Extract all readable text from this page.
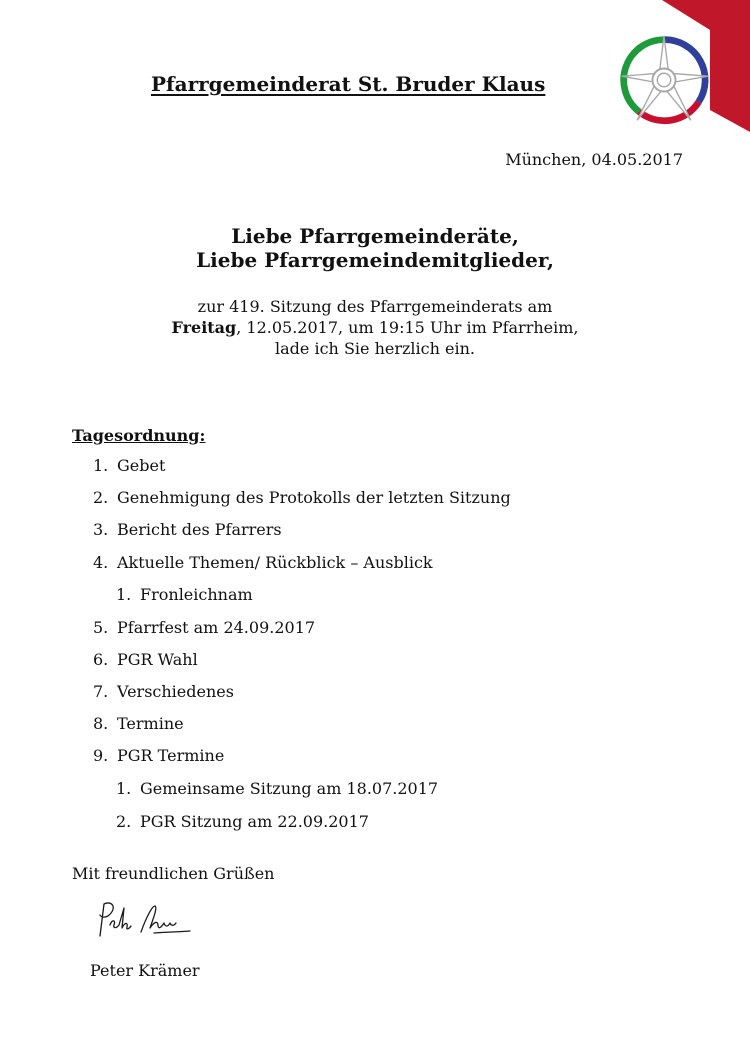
Pfarrgemeinderat St. Bruder Klaus
München, 04.05.2017
Liebe Pfarrgemeinderäte,
Liebe Pfarrgemeindemitglieder,
zur 419. Sitzung des Pfarrgemeinderats am
Freitag, 12.05.2017, um 19:15 Uhr im Pfarrheim,
lade ich Sie herzlich ein.
Tagesordnung:
1. Gebet
2. Genehmigung des Protokolls der letzten Sitzung
3. Bericht des Pfarrers
4. Aktuelle Themen/ Rückblick – Ausblick
1. Fronleichnam
5. Pfarrfest am 24.09.2017
6. PGR Wahl
7. Verschiedenes
8. Termine
9. PGR Termine
1. Gemeinsame Sitzung am 18.07.2017
2. PGR Sitzung am 22.09.2017
Mit freundlichen Grüßen
Peter Krämer
